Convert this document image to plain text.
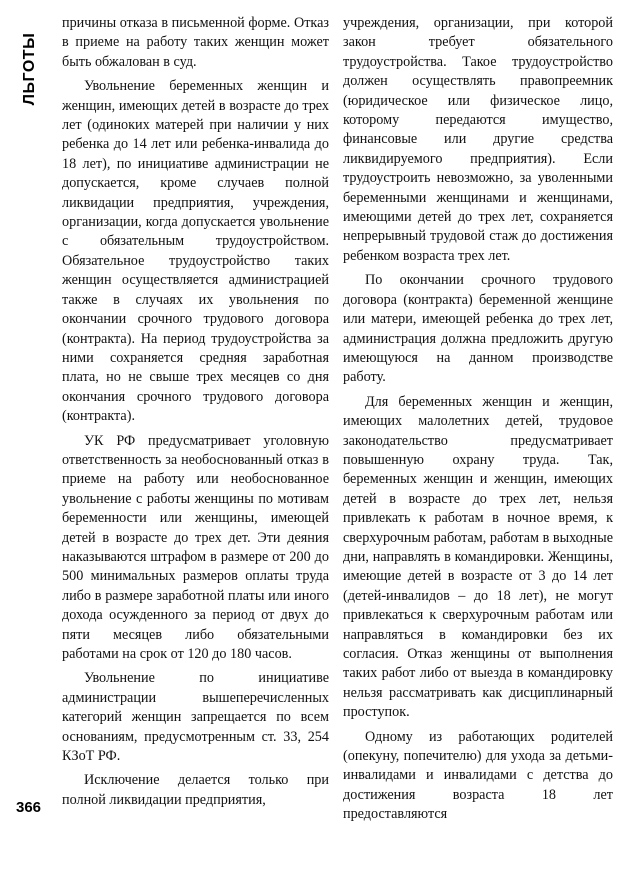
ЛЬГОТЫ

причины отказа в письменной форме. Отказ в приеме на работу таких женщин может быть обжалован в суд.

Увольнение беременных женщин и женщин, имеющих детей в возрасте до трех лет (одиноких матерей при наличии у них ребенка до 14 лет или ребенка-инвалида до 18 лет), по инициативе администрации не допускается, кроме случаев полной ликвидации предприятия, учреждения, организации, когда допускается увольнение с обязательным трудоустройством. Обязательное трудоустройство таких женщин осуществляется администрацией также в случаях их увольнения по окончании срочного трудового договора (контракта). На период трудоустройства за ними сохраняется средняя заработная плата, но не свыше трех месяцев со дня окончания срочного трудового договора (контракта).

УК РФ предусматривает уголовную ответственность за необоснованный отказ в приеме на работу или необоснованное увольнение с работы женщины по мотивам беременности или женщины, имеющей детей в возрасте до трех дет. Эти деяния наказываются штрафом в размере от 200 до 500 минимальных размеров оплаты труда либо в размере заработной платы или иного дохода осужденного за период от двух до пяти месяцев либо обязательными работами на срок от 120 до 180 часов.

Увольнение по инициативе администрации вышеперечисленных категорий женщин запрещается по всем основаниям, предусмотренным ст. 33, 254 КЗоТ РФ.

Исключение делается только при полной ликвидации предприятия,

учреждения, организации, при которой закон требует обязательного трудоустройства. Такое трудоустройство должен осуществлять правопреемник (юридическое или физическое лицо, которому передаются имущество, финансовые или другие средства ликвидируемого предприятия). Если трудоустроить невозможно, за уволенными беременными женщинами и женщинами, имеющими детей до трех лет, сохраняется непрерывный трудовой стаж до достижения ребенком возраста трех лет.

По окончании срочного трудового договора (контракта) беременной женщине или матери, имеющей ребенка до трех лет, администрация должна предложить другую имеющуюся на данном производстве работу.

Для беременных женщин и женщин, имеющих малолетних детей, трудовое законодательство предусматривает повышенную охрану труда. Так, беременных женщин и женщин, имеющих детей в возрасте до трех лет, нельзя привлекать к работам в ночное время, к сверхурочным работам, работам в выходные дни, направлять в командировки. Женщины, имеющие детей в возрасте от 3 до 14 лет (детей-инвалидов – до 18 лет), не могут привлекаться к сверхурочным работам или направляться в командировки без их согласия. Отказ женщины от выполнения таких работ либо от выезда в командировку нельзя рассматривать как дисциплинарный проступок.

Одному из работающих родителей (опекуну, попечителю) для ухода за детьми-инвалидами и инвалидами с детства до достижения возраста 18 лет предоставляются

366
